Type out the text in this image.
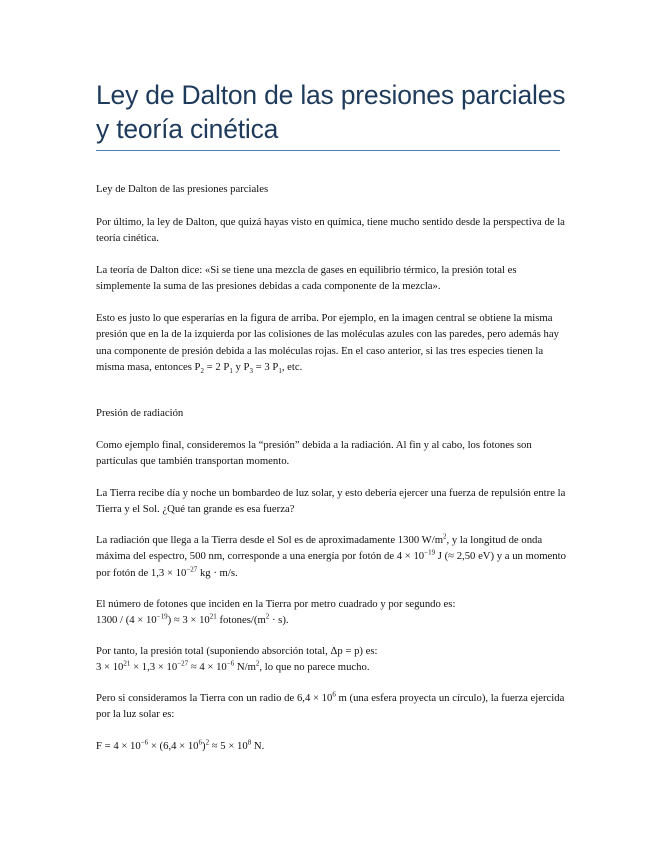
Ley de Dalton de las presiones parciales y teoría cinética

Ley de Dalton de las presiones parciales

Por último, la ley de Dalton, que quizá hayas visto en química, tiene mucho sentido desde la perspectiva de la teoría cinética.

La teoría de Dalton dice: «Si se tiene una mezcla de gases en equilibrio térmico, la presión total es simplemente la suma de las presiones debidas a cada componente de la mezcla».

Esto es justo lo que esperarías en la figura de arriba. Por ejemplo, en la imagen central se obtiene la misma presión que en la de la izquierda por las colisiones de las moléculas azules con las paredes, pero además hay una componente de presión debida a las moléculas rojas. En el caso anterior, si las tres especies tienen la misma masa, entonces $P_2 = 2$ $P_1$ y $P_3 = 3$ $P_1$, etc.

Presión de radiación

Como ejemplo final, consideremos la “presión” debida a la radiación. Al fin y al cabo, los fotones son partículas que también transportan momento.

La Tierra recibe día y noche un bombardeo de luz solar, y esto debería ejercer una fuerza de repulsión entre la Tierra y el Sol. ¿Qué tan grande es esa fuerza?

La radiación que llega a la Tierra desde el Sol es de aproximadamente 1300 $W/m^2$, y la longitud de onda máxima del espectro, 500 nm, corresponde a una energía por fotón de $4 \times 10^{-19}$ J (≈ 2,50 eV) y a un momento por fotón de $1,3 \times 10^{-27}$ kg · m/s.

El número de fotones que inciden en la Tierra por metro cuadrado y por segundo es:
$1300 / (4 \times 10^{-19}) \approx 3 \times 10^{21}$ fotones/$(m^2 \cdot s)$.

Por tanto, la presión total (suponiendo absorción total, Δp = p) es:
$3 \times 10^{21} \times 1,3 \times 10^{-27} \approx 4 \times 10^{-6}$ $N/m^2$, lo que no parece mucho.

Pero si consideramos la Tierra con un radio de $6,4 \times 10^6$ m (una esfera proyecta un círculo), la fuerza ejercida por la luz solar es:

$F = 4 \times 10^{-6} \times (6,4 \times 10^6)^2 \approx 5 \times 10^8$ N.
